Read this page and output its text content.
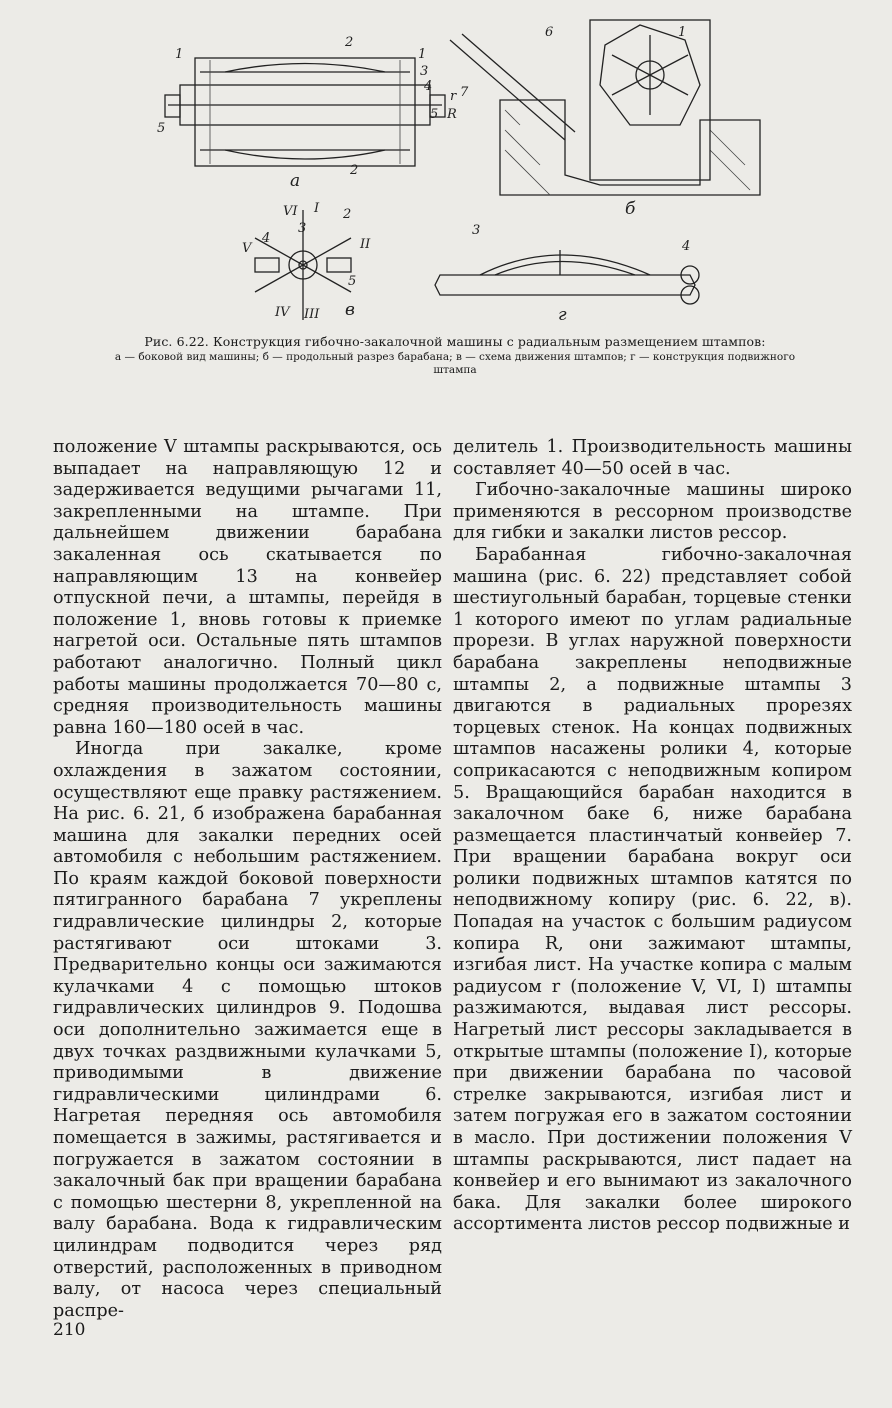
1
2
1
3
4
r 7
5 R
5
2
а
6	1
б
VI I 2
V
4
3
II
5
IV III в
3
4
г
Рис. 6.22. Конструкция гибочно-закалочной машины с радиальным размещением штампов:
а — боковой вид машины; б — продольный разрез барабана; в — схема движения штампов; г — конструкция подвижного штампа

положение V штампы раскрываются, ось выпадает на направляющую 12 и задерживается ведущими рычагами 11, закрепленными на штампе. При дальнейшем движении барабана закаленная ось скатывается по направляющим 13 на конвейер отпускной печи, а штампы, перейдя в положение 1, вновь готовы к приемке нагретой оси. Остальные пять штампов работают аналогично. Полный цикл работы машины продолжается 70—80 с, средняя производительность машины равна 160—180 осей в час.

Иногда при закалке, кроме охлаждения в зажатом состоянии, осуществляют еще правку растяжением. На рис. 6. 21, б изображена барабанная машина для закалки передних осей автомобиля с небольшим растяжением. По краям каждой боковой поверхности пятигранного барабана 7 укреплены гидравлические цилиндры 2, которые растягивают оси штоками 3. Предварительно концы оси зажимаются кулачками 4 с помощью штоков гидравлических цилиндров 9. Подошва оси дополнительно зажимается еще в двух точках раздвижными кулачками 5, приводимыми в движение гидравлическими цилиндрами 6. Нагретая передняя ось автомобиля помещается в зажимы, растягивается и погружается в зажатом состоянии в закалочный бак при вращении барабана с помощью шестерни 8, укрепленной на валу барабана. Вода к гидравлическим цилиндрам подводится через ряд отверстий, расположенных в приводном валу, от насоса через специальный распре-

делитель 1. Производительность машины составляет 40—50 осей в час.

Гибочно-закалочные машины широко применяются в рессорном производстве для гибки и закалки листов рессор.

Барабанная гибочно-закалочная машина (рис. 6. 22) представляет собой шестиугольный барабан, торцевые стенки 1 которого имеют по углам радиальные прорези. В углах наружной поверхности барабана закреплены неподвижные штампы 2, а подвижные штампы 3 двигаются в радиальных прорезях торцевых стенок. На концах подвижных штампов насажены ролики 4, которые соприкасаются с неподвижным копиром 5. Вращающийся барабан находится в закалочном баке 6, ниже барабана размещается пластинчатый конвейер 7. При вращении барабана вокруг оси ролики подвижных штампов катятся по неподвижному копиру (рис. 6. 22, в). Попадая на участок с большим радиусом копира R, они зажимают штампы, изгибая лист. На участке копира с малым радиусом r (положение V, VI, I) штампы разжимаются, выдавая лист рессоры. Нагретый лист рессоры закладывается в открытые штампы (положение I), которые при движении барабана по часовой стрелке закрываются, изгибая лист и затем погружая его в зажатом состоянии в масло. При достижении положения V штампы раскрываются, лист падает на конвейер и его вынимают из закалочного бака. Для закалки более широкого ассортимента листов рессор подвижные и

210
